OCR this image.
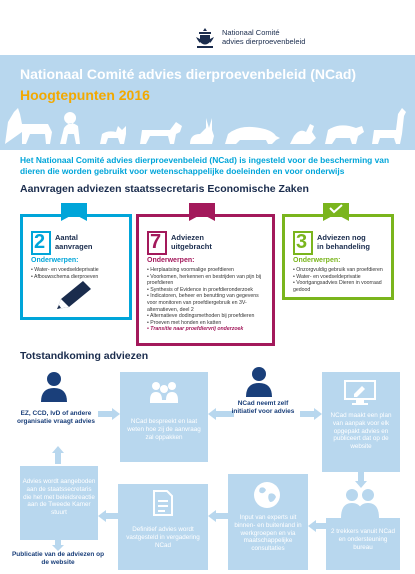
Nationaal Comité
advies dierproevenbeleid
Nationaal Comité advies dierproevenbeleid (NCad)
Hoogtepunten 2016
Het Nationaal Comité advies dierproevenbeleid (NCad) is ingesteld voor de bescherming van dieren die worden gebruikt voor wetenschappelijke doeleinden en voor onderwijs
Aanvragen adviezen staatssecretaris Economische Zaken
2 Aantal
aanvragen
Onderwerpen:
• Water- en voedseldeprivatie
• Afbouwschema dierproeven
7 Adviezen
uitgebracht
Onderwerpen:
• Herplaatsing voormalige proefdieren
• Voorkomen, herkennen en bestrijden van pijn bij proefdieren
• Synthesis of Evidence in proefdieronderzoek
• Indicatoren, beheer en benutting van gegevens voor monitoren van proefdiergebruik en 3V-alternatieven, deel 2
• Alternatieve dodingsmethoden bij proefdieren
• Proeven met honden en katten
• Transitie naar proefdiervrij onderzoek
3 Adviezen nog
in behandeling
Onderwerpen:
• Onzorgvuldig gebruik van proefdieren
• Water- en voedseldeprivatie
• Voortgangsadvies Dieren in voorraad gedood
Totstandkoming adviezen
EZ, CCD, IvD of andere organisatie vraagt advies	NCad bespreekt en laat weten hoe zij de aanvraag zal oppakken
NCad neemt zelf initiatief voor advies
NCad maakt een plan van aanpak voor elk opgepakt advies en publiceert dat op de website
Advies wordt aangeboden aan de staatssecretaris die het met beleidsreactie aan de Tweede Kamer stuurt
Publicatie van de adviezen op de website
Definitief advies wordt vastgesteld in vergadering NCad
Input van experts uit binnen- en buitenland in werkgroepen en via maatschappelijke consultaties
2 trekkers vanuit NCad en ondersteuning bureau
